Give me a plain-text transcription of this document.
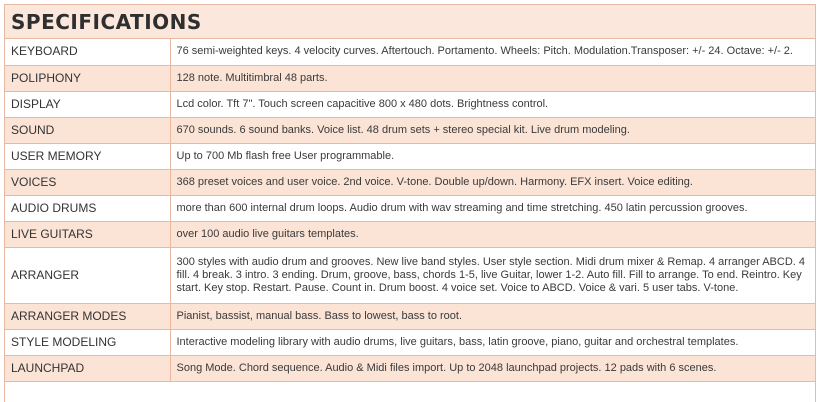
SPECIFICATIONS
KEYBOARD	76 semi-weighted keys. 4 velocity curves. Aftertouch. Portamento. Wheels: Pitch. Modulation.Transposer: +/- 24. Octave: +/- 2.
POLIPHONY	128 note. Multitimbral 48 parts.
DISPLAY	Lcd color. Tft 7". Touch screen capacitive 800 x 480 dots. Brightness control.
SOUND	670 sounds. 6 sound banks. Voice list. 48 drum sets + stereo special kit. Live drum modeling.
USER MEMORY	Up to 700 Mb flash free User programmable.
VOICES	368 preset voices and user voice. 2nd voice. V-tone. Double up/down. Harmony. EFX insert. Voice editing.
AUDIO DRUMS	more than 600 internal drum loops. Audio drum with wav streaming and time stretching. 450 latin percussion grooves.
LIVE GUITARS	over 100 audio live guitars templates.
ARRANGER	300 styles with audio drum and grooves. New live band styles. User style section. Midi drum mixer & Remap. 4 arranger ABCD. 4 fill. 4 break. 3 intro. 3 ending. Drum, groove, bass, chords 1-5, live Guitar, lower 1-2. Auto fill. Fill to arrange. To end. Reintro. Key start. Key stop. Restart. Pause. Count in. Drum boost. 4 voice set. Voice to ABCD. Voice & vari. 5 user tabs. V-tone.
ARRANGER MODES	Pianist, bassist, manual bass. Bass to lowest, bass to root.
STYLE MODELING	Interactive modeling library with audio drums, live guitars, bass, latin groove, piano, guitar and orchestral templates.
LAUNCHPAD	Song Mode. Chord sequence. Audio & Midi files import. Up to 2048 launchpad projects. 12 pads with 6 scenes.
